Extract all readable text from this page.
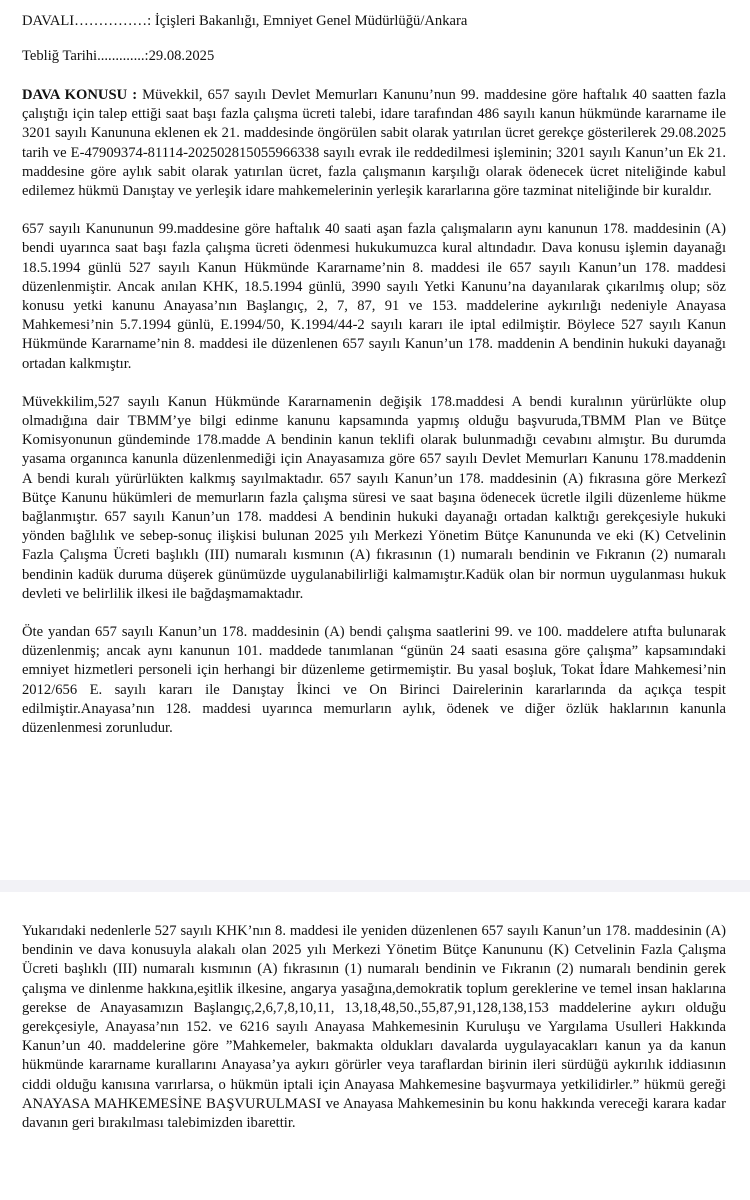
DAVALI……………: İçişleri Bakanlığı, Emniyet Genel Müdürlüğü/Ankara

Tebliğ Tarihi.............:29.08.2025

DAVA KONUSU : Müvekkil, 657 sayılı Devlet Memurları Kanunu’nun 99. maddesine göre haftalık 40 saatten fazla çalıştığı için talep ettiği saat başı fazla çalışma ücreti talebi, idare tarafından 486 sayılı kanun hükmünde kararname ile 3201 sayılı Kanununa eklenen ek 21. maddesinde öngörülen sabit olarak yatırılan ücret gerekçe gösterilerek 29.08.2025 tarih ve E-47909374-81114-202502815055966338 sayılı evrak ile reddedilmesi işleminin; 3201 sayılı Kanun’un Ek 21. maddesine göre aylık sabit olarak yatırılan ücret, fazla çalışmanın karşılığı olarak ödenecek ücret niteliğinde kabul edilemez hükmü Danıştay ve yerleşik idare mahkemelerinin yerleşik kararlarına göre tazminat niteliğinde bir kuraldır.

657 sayılı Kanununun 99.maddesine göre haftalık 40 saati aşan fazla çalışmaların aynı kanunun 178. maddesinin (A) bendi uyarınca saat başı fazla çalışma ücreti ödenmesi hukukumuzca kural altındadır. Dava konusu işlemin dayanağı 18.5.1994 günlü 527 sayılı Kanun Hükmünde Kararname’nin 8. maddesi ile 657 sayılı Kanun’un 178. maddesi düzenlenmiştir. Ancak anılan KHK, 18.5.1994 günlü, 3990 sayılı Yetki Kanunu’na dayanılarak çıkarılmış olup; söz konusu yetki kanunu Anayasa’nın Başlangıç, 2, 7, 87, 91 ve 153. maddelerine aykırılığı nedeniyle Anayasa Mahkemesi’nin 5.7.1994 günlü, E.1994/50, K.1994/44-2 sayılı kararı ile iptal edilmiştir. Böylece 527 sayılı Kanun Hükmünde Kararname’nin 8. maddesi ile düzenlenen 657 sayılı Kanun’un 178. maddenin A bendinin hukuki dayanağı ortadan kalkmıştır.

Müvekkilim,527 sayılı Kanun Hükmünde Kararnamenin değişik 178.maddesi A bendi kuralının yürürlükte olup olmadığına dair TBMM’ye bilgi edinme kanunu kapsamında yapmış olduğu başvuruda,TBMM Plan ve Bütçe Komisyonunun gündeminde 178.madde A bendinin kanun teklifi olarak bulunmadığı cevabını almıştır. Bu durumda yasama organınca kanunla düzenlenmediği için Anayasamıza göre 657 sayılı Devlet Memurları Kanunu 178.maddenin A bendi kuralı yürürlükten kalkmış sayılmaktadır. 657 sayılı Kanun’un 178. maddesinin (A) fıkrasına göre Merkezî Bütçe Kanunu hükümleri de memurların fazla çalışma süresi ve saat başına ödenecek ücretle ilgili düzenleme hükme bağlanmıştır. 657 sayılı Kanun’un 178. maddesi A bendinin hukuki dayanağı ortadan kalktığı gerekçesiyle hukuki yönden bağlılık ve sebep-sonuç ilişkisi bulunan 2025 yılı Merkezi Yönetim Bütçe Kanununda ve eki (K) Cetvelinin Fazla Çalışma Ücreti başlıklı (III) numaralı kısmının (A) fıkrasının (1) numaralı bendinin ve Fıkranın (2) numaralı bendinin kadük duruma düşerek günümüzde uygulanabilirliği kalmamıştır.Kadük olan bir normun uygulanması hukuk devleti ve belirlilik ilkesi ile bağdaşmamaktadır.

Öte yandan 657 sayılı Kanun’un 178. maddesinin (A) bendi çalışma saatlerini 99. ve 100. maddelere atıfta bulunarak düzenlenmiş; ancak aynı kanunun 101. maddede tanımlanan “günün 24 saati esasına göre çalışma” kapsamındaki emniyet hizmetleri personeli için herhangi bir düzenleme getirmemiştir. Bu yasal boşluk, Tokat İdare Mahkemesi’nin 2012/656 E. sayılı kararı ile Danıştay İkinci ve On Birinci Dairelerinin kararlarında da açıkça tespit edilmiştir.Anayasa’nın 128. maddesi uyarınca memurların aylık, ödenek ve diğer özlük haklarının kanunla düzenlenmesi zorunludur.

Yukarıdaki nedenlerle 527 sayılı KHK’nın 8. maddesi ile yeniden düzenlenen 657 sayılı Kanun’un 178. maddesinin (A) bendinin ve dava konusuyla alakalı olan 2025 yılı Merkezi Yönetim Bütçe Kanununu (K) Cetvelinin Fazla Çalışma Ücreti başlıklı (III) numaralı kısmının (A) fıkrasının (1) numaralı bendinin ve Fıkranın (2) numaralı bendinin gerek çalışma ve dinlenme hakkına,eşitlik ilkesine, angarya yasağına,demokratik toplum gereklerine ve temel insan haklarına gerekse de Anayasamızın Başlangıç,2,6,7,8,10,11, 13,18,48,50.,55,87,91,128,138,153 maddelerine aykırı olduğu gerekçesiyle, Anayasa’nın 152. ve 6216 sayılı Anayasa Mahkemesinin Kuruluşu ve Yargılama Usulleri Hakkında Kanun’un 40. maddelerine göre ”Mahkemeler, bakmakta oldukları davalarda uygulayacakları kanun ya da kanun hükmünde kararname kurallarını Anayasa’ya aykırı görürler veya taraflardan birinin ileri sürdüğü aykırılık iddiasının ciddi olduğu kanısına varırlarsa, o hükmün iptali için Anayasa Mahkemesine başvurmaya yetkilidirler.” hükmü gereği ANAYASA MAHKEMESİNE BAŞVURULMASI ve Anayasa Mahkemesinin bu konu hakkında vereceği karara kadar davanın geri bırakılması talebimizden ibarettir.
